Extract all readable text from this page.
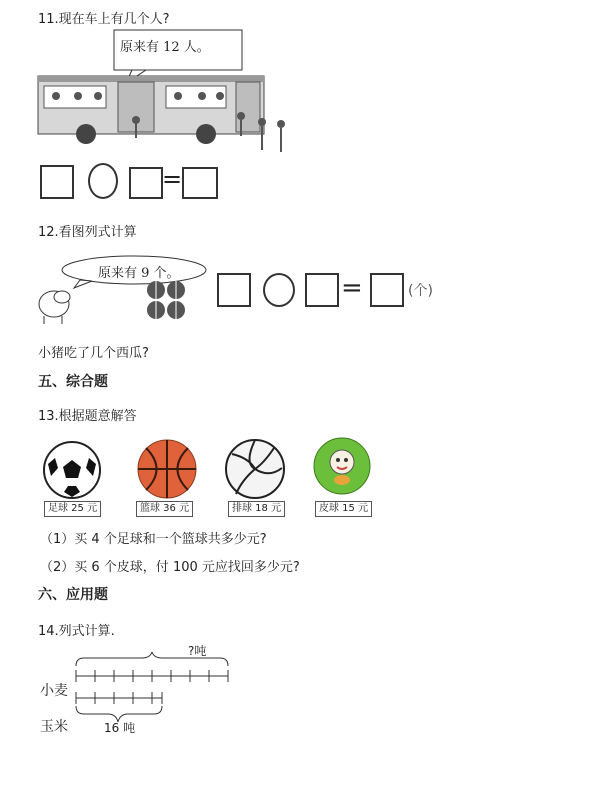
11.现在车上有几个人?
原来有 12 人。
=
12.看图列式计算
原来有 9 个。	=	(个)
小猪吃了几个西瓜?
五、综合题
13.根据题意解答
足球 25 元	篮球 36 元	排球 18 元	皮球 15 元
（1）买 4 个足球和一个篮球共多少元?
（2）买 6 个皮球，付 100 元应找回多少元?
六、应用题
14.列式计算.
?吨
小麦
玉米	16 吨
